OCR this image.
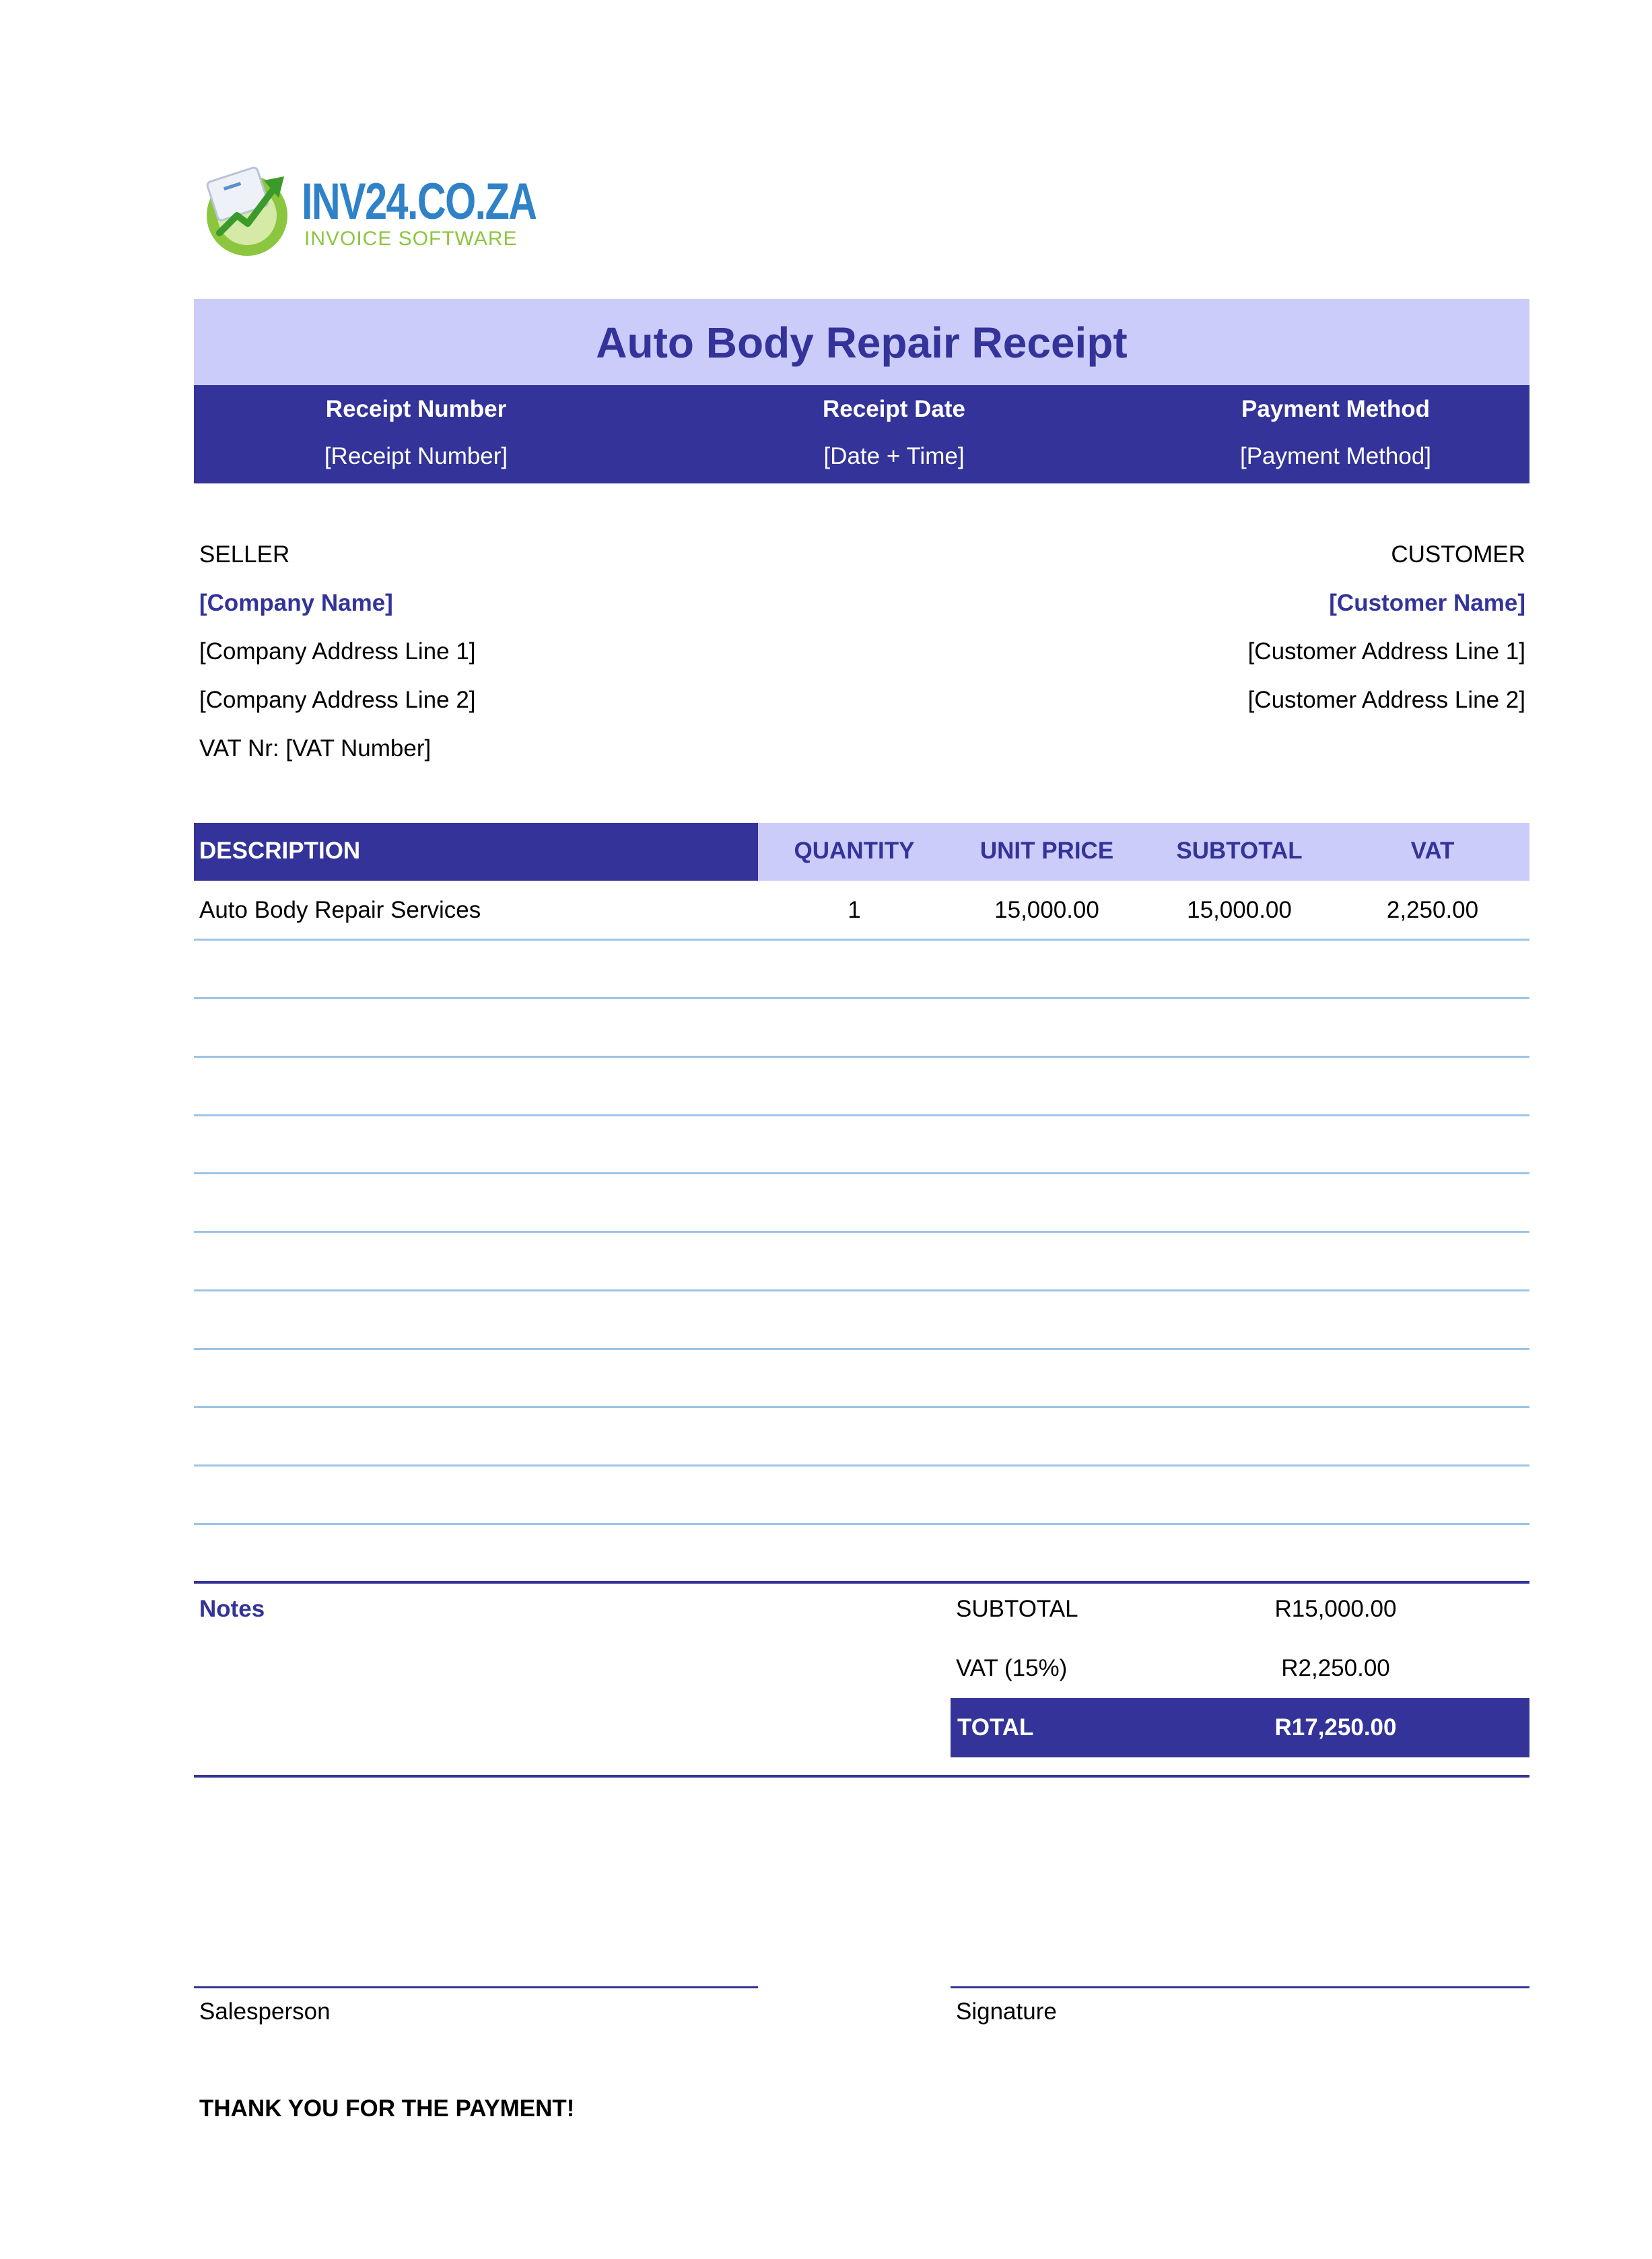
INV24.CO.ZA
INVOICE SOFTWARE
Auto Body Repair Receipt
Receipt Number
[Receipt Number]
Receipt Date
[Date + Time]
Payment Method
[Payment Method]
SELLER
[Company Name]
[Company Address Line 1]
[Company Address Line 2]
VAT Nr: [VAT Number]
CUSTOMER
[Customer Name]
[Customer Address Line 1]
[Customer Address Line 2]
DESCRIPTION	QUANTITY	UNIT PRICE	SUBTOTAL	VAT
Auto Body Repair Services	1	15,000.00	15,000.00	2,250.00
Notes	SUBTOTAL	R15,000.00
VAT (15%)	R2,250.00
TOTAL	R17,250.00
Salesperson	Signature
THANK YOU FOR THE PAYMENT!
